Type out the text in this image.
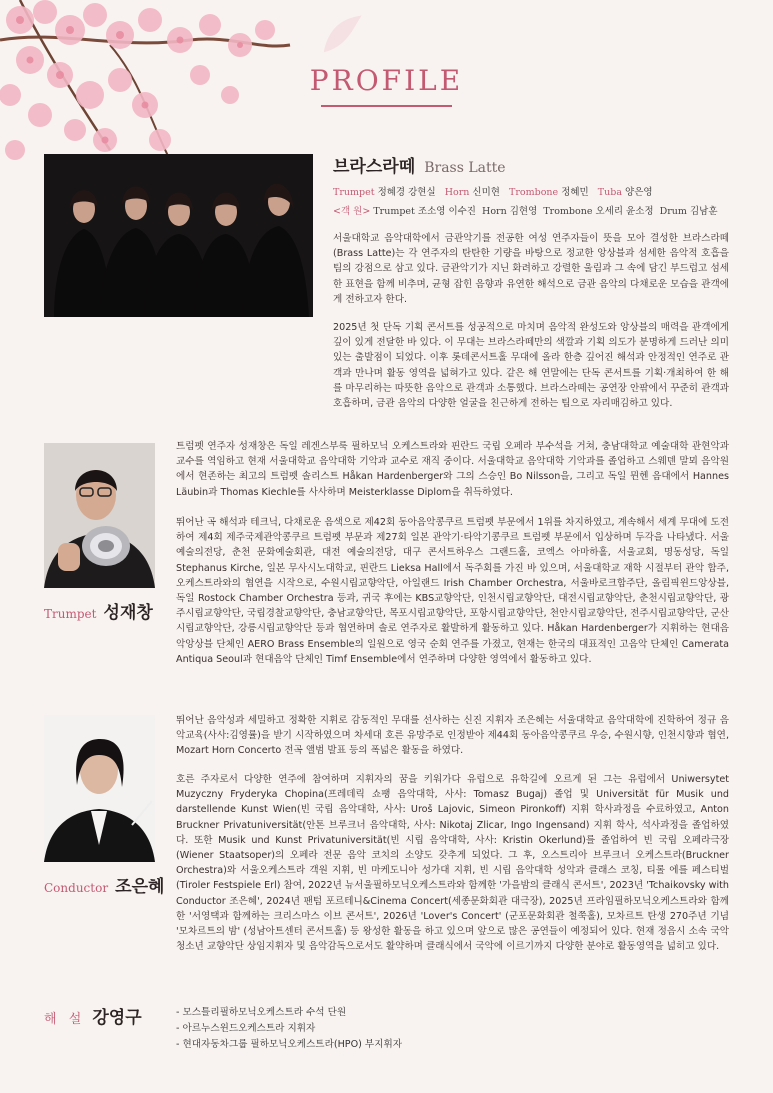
PROFILE
브라스라떼 Brass Latte
Trumpet 정혜경 강현실 Horn 신미현 Trombone 정혜민 Tuba 양은영
<객 원> Trumpet 조소영 이수진 Horn 김현영 Trombone 오세리 윤소정 Drum 김남훈

서울대학교 음악대학에서 금관악기를 전공한 여성 연주자들이 뜻을 모아 결성한 브라스라떼(Brass Latte)는 각 연주자의 탄탄한 기량을 바탕으로 정교한 앙상블과 섬세한 음악적 호흡을 팀의 강점으로 삼고 있다. 금관악기가 지닌 화려하고 강렬한 울림과 그 속에 담긴 부드럽고 섬세한 표현을 함께 비추며, 균형 잡힌 음향과 유연한 해석으로 금관 음악의 다채로운 모습을 관객에게 전하고자 한다.

2025년 첫 단독 기획 콘서트를 성공적으로 마치며 음악적 완성도와 앙상블의 매력을 관객에게 깊이 있게 전달한 바 있다. 이 무대는 브라스라떼만의 색깔과 기획 의도가 분명하게 드러난 의미 있는 출발점이 되었다. 이후 롯데콘서트홀 무대에 올라 한층 깊어진 해석과 안정적인 연주로 관객과 만나며 활동 영역을 넓혀가고 있다. 같은 해 연말에는 단독 콘서트를 기획·개최하여 한 해를 마무리하는 따뜻한 음악으로 관객과 소통했다. 브라스라떼는 공연장 안팎에서 꾸준히 관객과 호흡하며, 금관 음악의 다양한 얼굴을 친근하게 전하는 팀으로 자리매김하고 있다.

Trumpet 성재창

트럼펫 연주자 성재창은 독일 레겐스부룩 필하모닉 오케스트라와 핀란드 국립 오페라 부수석을 거쳐, 충남대학교 예술대학 관현악과 교수를 역임하고 현재 서울대학교 음악대학 기악과 교수로 재직 중이다. 서울대학교 음악대학 기악과를 졸업하고 스웨덴 말뫼 음악원에서 현존하는 최고의 트럼펫 솔리스트 Håkan Hardenberger와 그의 스승인 Bo Nilsson을, 그리고 독일 뮌헨 음대에서 Hannes Läubin과 Thomas Kiechle를 사사하며 Meisterklasse Diplom을 취득하였다.

뛰어난 곡 해석과 테크닉, 다채로운 음색으로 제42회 동아음악콩쿠르 트럼펫 부문에서 1위를 차지하였고, 계속해서 세계 무대에 도전하여 제4회 제주국제관악콩쿠르 트럼펫 부문과 제27회 일본 관악기·타악기콩쿠르 트럼펫 부문에서 입상하며 두각을 나타냈다. 서울 예술의전당, 춘천 문화예술회관, 대전 예술의전당, 대구 콘서트하우스 그랜드홀, 코엑스 아마하홀, 서울교회, 명동성당, 독일 Stephanus Kirche, 일본 무사시노대학교, 핀란드 Lieksa Hall에서 독주회를 가진 바 있으며, 서울대학교 재학 시절부터 관악 합주, 오케스트라와의 협연을 시작으로, 수원시립교향악단, 아일랜드 Irish Chamber Orchestra, 서울바로크합주단, 올림픽윈드앙상블, 독일 Rostock Chamber Orchestra 등과, 귀국 후에는 KBS교향악단, 인천시립교향악단, 대전시립교향악단, 춘천시립교향악단, 광주시립교향악단, 국립경찰교향악단, 충남교향악단, 목포시립교향악단, 포항시립교향악단, 천안시립교향악단, 전주시립교향악단, 군산시립교향악단, 강릉시립교향악단 등과 협연하며 솔로 연주자로 활발하게 활동하고 있다. Håkan Hardenberger가 지휘하는 현대음악앙상블 단체인 AERO Brass Ensemble의 일원으로 영국 순회 연주를 가졌고, 현재는 한국의 대표적인 고음악 단체인 Camerata Antiqua Seoul과 현대음악 단체인 Timf Ensemble에서 연주하며 다양한 영역에서 활동하고 있다.

Conductor 조은혜

뛰어난 음악성과 세밀하고 정확한 지휘로 감동적인 무대를 선사하는 신진 지휘자 조은혜는 서울대학교 음악대학에 진학하여 정규 음악교육(사사:김영률)을 받기 시작하였으며 차세대 호른 유망주로 인정받아 제44회 동아음악콩쿠르 우승, 수원시향, 인천시향과 협연, Mozart Horn Concerto 전곡 앨범 발표 등의 폭넓은 활동을 하였다.

호른 주자로서 다양한 연주에 참여하며 지휘자의 꿈을 키워가다 유럽으로 유학길에 오르게 된 그는 유럽에서 Uniwersytet Muzyczny Fryderyka Chopina(프레데릭 쇼팽 음악대학, 사사: Tomasz Bugaj) 졸업 및 Universität für Musik und darstellende Kunst Wien(빈 국립 음악대학, 사사: Uroš Lajovic, Simeon Pironkoff) 지휘 학사과정을 수료하였고, Anton Bruckner Privatuniversität(안톤 브루크너 음악대학, 사사: Nikotaj Zlicar, Ingo Ingensand) 지휘 학사, 석사과정을 졸업하였다. 또한 Musik und Kunst Privatuniversität(빈 시립 음악대학, 사사: Kristin Okerlund)를 졸업하여 빈 국립 오페라극장(Wiener Staatsoper)의 오페라 전문 음악 코치의 소양도 갖추게 되었다. 그 후, 오스트리아 브루크너 오케스트라(Bruckner Orchestra)와 서울오케스트라 객원 지휘, 빈 마케도니아 성가대 지휘, 빈 시립 음악대학 성악과 클래스 코칭, 티롤 에를 페스티벌(Tiroler Festspiele Erl) 참여, 2022년 뉴서울필하모닉오케스트라와 함께한 '가을밤의 클래식 콘서트', 2023년 'Tchaikovsky with Conductor 조은혜', 2024년 팬텀 포르테니&Cinema Concert(세종문화회관 대극장), 2025년 프라임필하모닉오케스트라와 함께한 '서영택과 함께하는 크리스마스 이브 콘서트', 2026년 'Lover's Concert' (군포문화회관 철쭉홀), 모차르트 탄생 270주년 기념 '모차르트의 밤' (성남아트센터 콘서트홀) 등 왕성한 활동을 하고 있으며 앞으로 많은 공연들이 예정되어 있다. 현재 정음시 소속 국악 청소년 교향악단 상임지휘자 및 음악감독으로서도 활약하며 클래식에서 국악에 이르기까지 다양한 분야로 활동영역을 넓히고 있다.

해 설 강영구	- 모스틀리필하모닉오케스트라 수석 단원
- 아르누스윈드오케스트라 지휘자
- 현대자동차그룹 필하모닉오케스트라(HPO) 부지휘자
